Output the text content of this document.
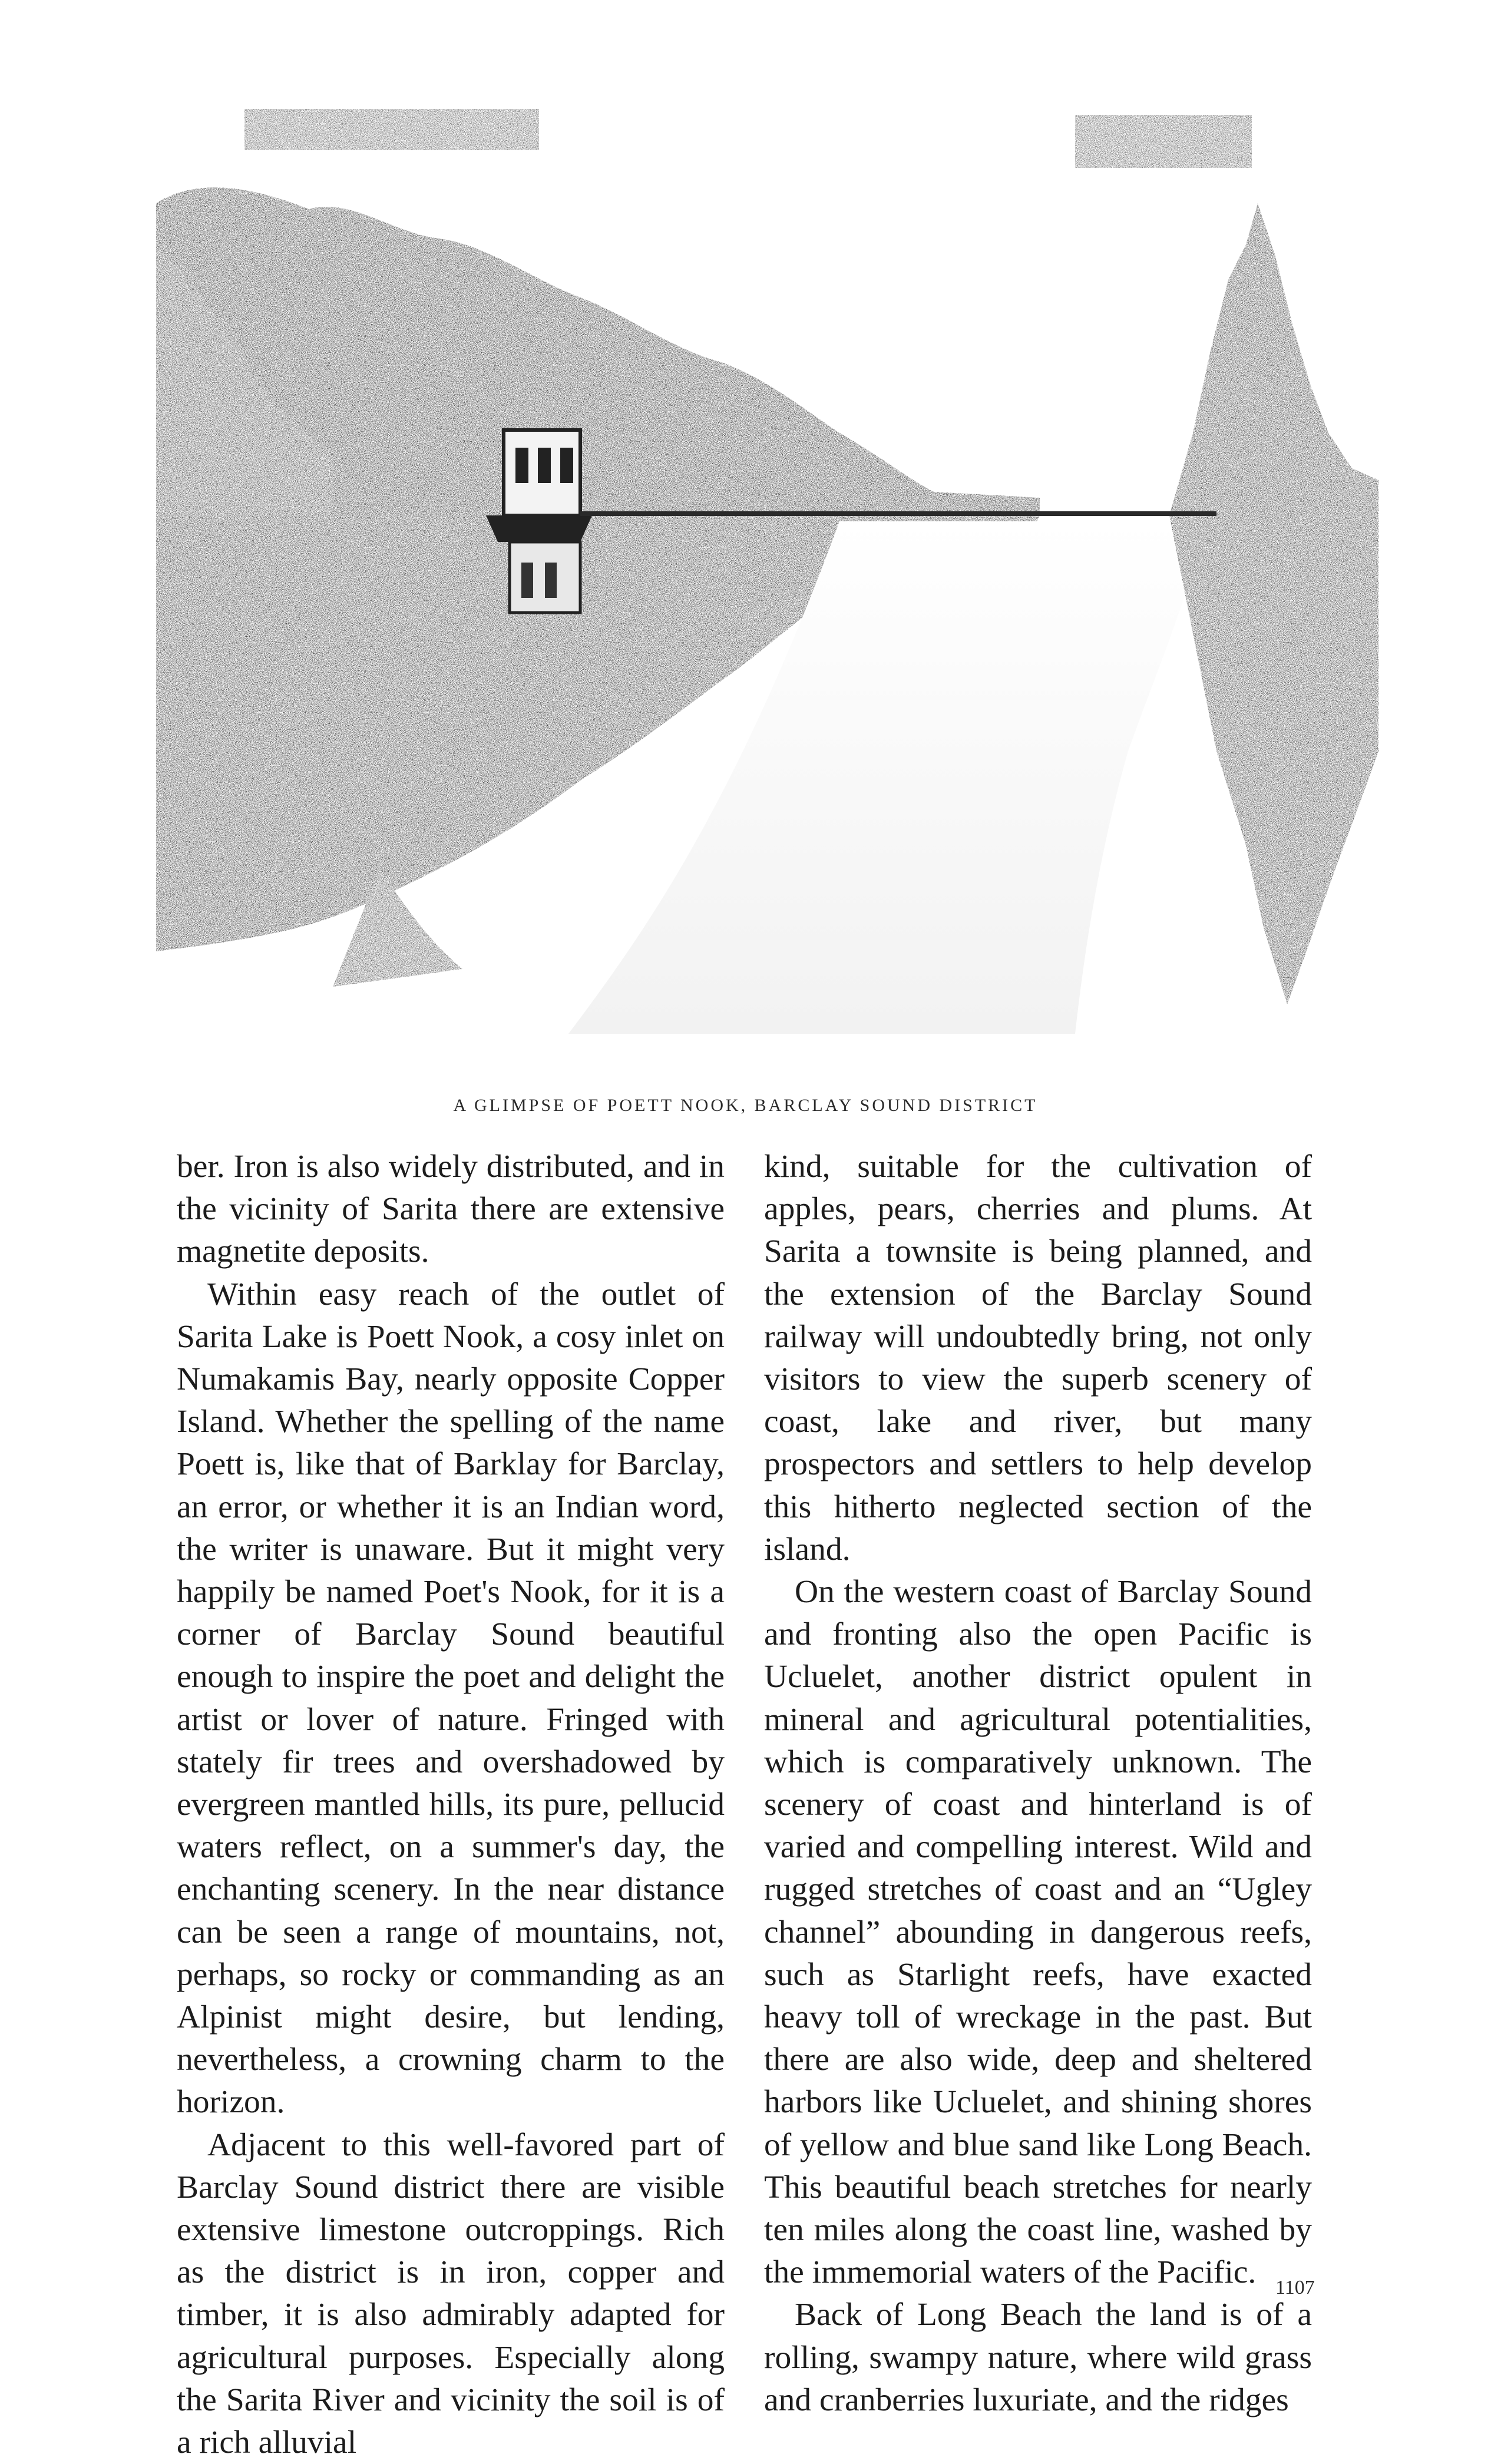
A GLIMPSE OF POETT NOOK, BARCLAY SOUND DISTRICT

ber. Iron is also widely distributed, and in the vicinity of Sarita there are extensive magnetite deposits.

Within easy reach of the outlet of Sarita Lake is Poett Nook, a cosy inlet on Numakamis Bay, nearly opposite Copper Island. Whether the spelling of the name Poett is, like that of Barklay for Barclay, an error, or whether it is an Indian word, the writer is unaware. But it might very happily be named Poet's Nook, for it is a corner of Barclay Sound beautiful enough to inspire the poet and delight the artist or lover of nature. Fringed with stately fir trees and overshadowed by evergreen mantled hills, its pure, pellucid waters reflect, on a summer's day, the enchanting scenery. In the near distance can be seen a range of mountains, not, perhaps, so rocky or commanding as an Alpinist might desire, but lending, nevertheless, a crowning charm to the horizon.

Adjacent to this well-favored part of Barclay Sound district there are visible extensive limestone outcroppings. Rich as the district is in iron, copper and timber, it is also admirably adapted for agricultural purposes. Especially along the Sarita River and vicinity the soil is of a rich alluvial

kind, suitable for the cultivation of apples, pears, cherries and plums. At Sarita a townsite is being planned, and the extension of the Barclay Sound railway will undoubtedly bring, not only visitors to view the superb scenery of coast, lake and river, but many prospectors and settlers to help develop this hitherto neglected section of the island.

On the western coast of Barclay Sound and fronting also the open Pacific is Ucluelet, another district opulent in mineral and agricultural potentialities, which is comparatively unknown. The scenery of coast and hinterland is of varied and compelling interest. Wild and rugged stretches of coast and an “Ugley channel” abounding in dangerous reefs, such as Starlight reefs, have exacted heavy toll of wreckage in the past. But there are also wide, deep and sheltered harbors like Ucluelet, and shining shores of yellow and blue sand like Long Beach. This beautiful beach stretches for nearly ten miles along the coast line, washed by the immemorial waters of the Pacific.

Back of Long Beach the land is of a rolling, swampy nature, where wild grass and cranberries luxuriate, and the ridges

1107
